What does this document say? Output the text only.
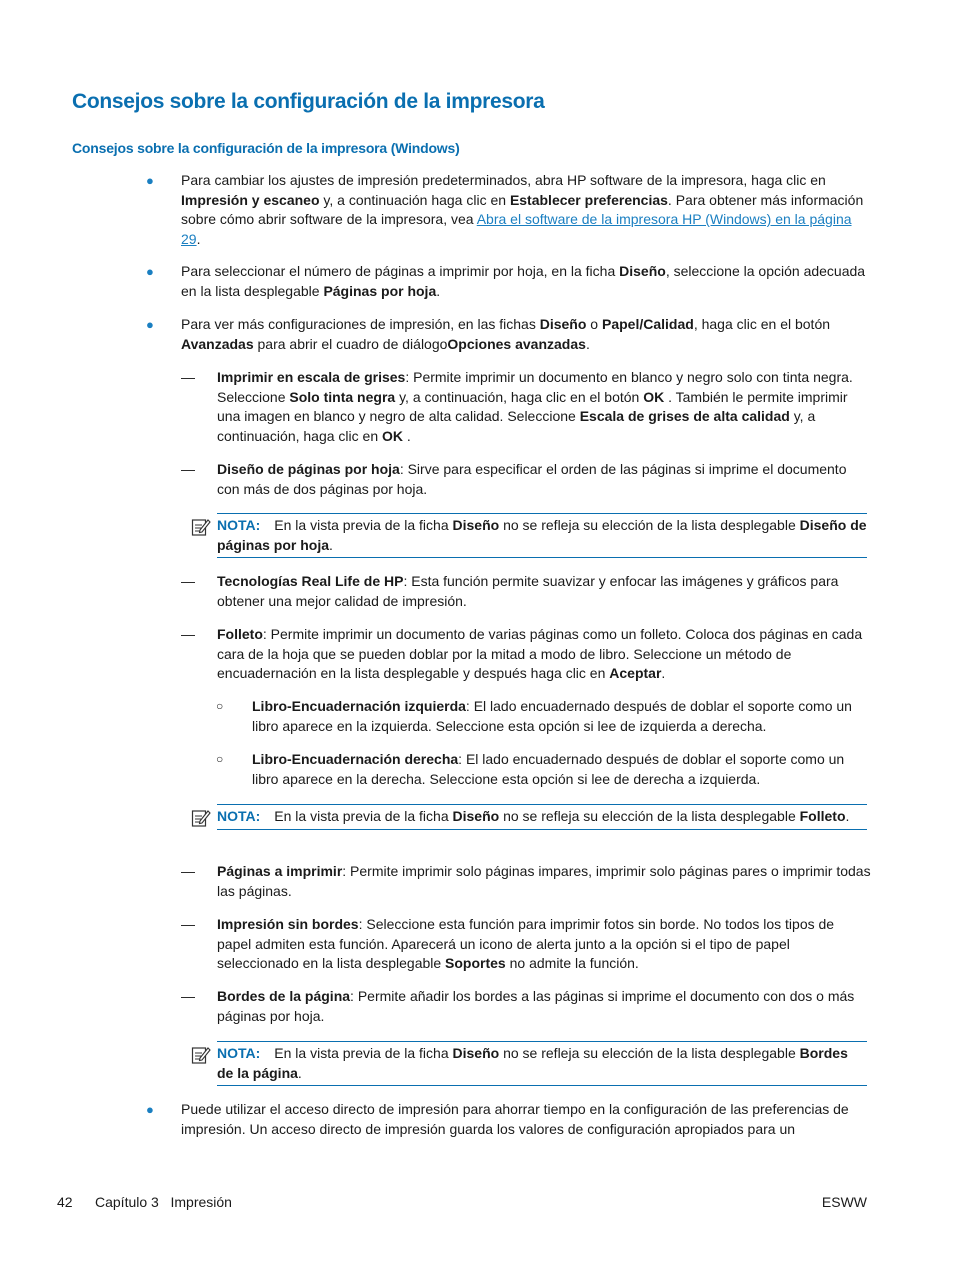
Consejos sobre la configuración de la impresora
Consejos sobre la configuración de la impresora (Windows)
● Para cambiar los ajustes de impresión predeterminados, abra HP software de la impresora, haga clic en Impresión y escaneo y, a continuación haga clic en Establecer preferencias. Para obtener más información sobre cómo abrir software de la impresora, vea Abra el software de la impresora HP (Windows) en la página 29.
● Para seleccionar el número de páginas a imprimir por hoja, en la ficha Diseño, seleccione la opción adecuada en la lista desplegable Páginas por hoja.
● Para ver más configuraciones de impresión, en las fichas Diseño o Papel/Calidad, haga clic en el botón Avanzadas para abrir el cuadro de diálogoOpciones avanzadas.
— Imprimir en escala de grises: Permite imprimir un documento en blanco y negro solo con tinta negra. Seleccione Solo tinta negra y, a continuación, haga clic en el botón OK . También le permite imprimir una imagen en blanco y negro de alta calidad. Seleccione Escala de grises de alta calidad y, a continuación, haga clic en OK .
— Diseño de páginas por hoja: Sirve para especificar el orden de las páginas si imprime el documento con más de dos páginas por hoja.
NOTA: En la vista previa de la ficha Diseño no se refleja su elección de la lista desplegable Diseño de páginas por hoja.
— Tecnologías Real Life de HP: Esta función permite suavizar y enfocar las imágenes y gráficos para obtener una mejor calidad de impresión.
— Folleto: Permite imprimir un documento de varias páginas como un folleto. Coloca dos páginas en cada cara de la hoja que se pueden doblar por la mitad a modo de libro. Seleccione un método de encuadernación en la lista desplegable y después haga clic en Aceptar.
○ Libro-Encuadernación izquierda: El lado encuadernado después de doblar el soporte como un libro aparece en la izquierda. Seleccione esta opción si lee de izquierda a derecha.
○ Libro-Encuadernación derecha: El lado encuadernado después de doblar el soporte como un libro aparece en la derecha. Seleccione esta opción si lee de derecha a izquierda.
NOTA: En la vista previa de la ficha Diseño no se refleja su elección de la lista desplegable Folleto.
— Páginas a imprimir: Permite imprimir solo páginas impares, imprimir solo páginas pares o imprimir todas las páginas.
— Impresión sin bordes: Seleccione esta función para imprimir fotos sin borde. No todos los tipos de papel admiten esta función. Aparecerá un icono de alerta junto a la opción si el tipo de papel seleccionado en la lista desplegable Soportes no admite la función.
— Bordes de la página: Permite añadir los bordes a las páginas si imprime el documento con dos o más páginas por hoja.
NOTA: En la vista previa de la ficha Diseño no se refleja su elección de la lista desplegable Bordes de la página.
● Puede utilizar el acceso directo de impresión para ahorrar tiempo en la configuración de las preferencias de impresión. Un acceso directo de impresión guarda los valores de configuración apropiados para un
42 Capítulo 3   Impresión	ESWW
